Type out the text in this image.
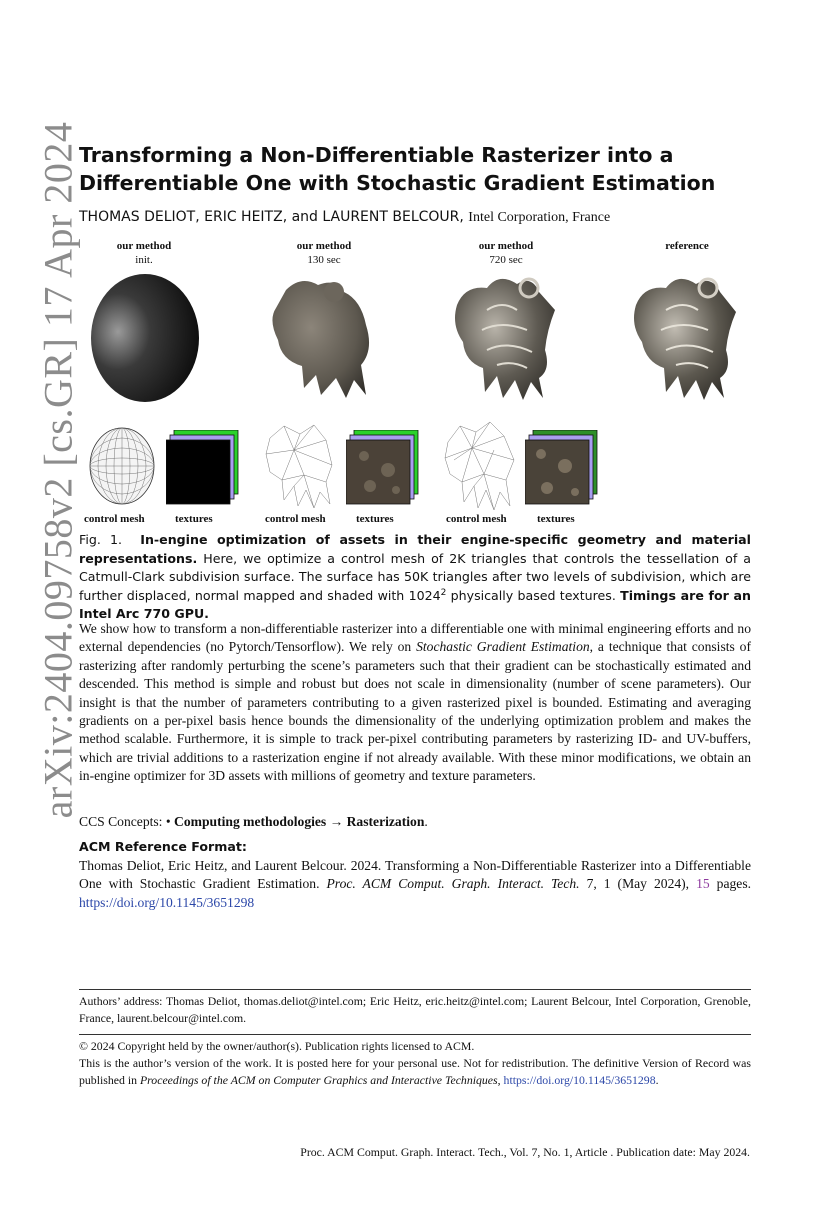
arXiv:2404.09758v2 [cs.GR] 17 Apr 2024
Transforming a Non-Differentiable Rasterizer into a
Differentiable One with Stochastic Gradient Estimation
THOMAS DELIOT, ERIC HEITZ, and LAURENT BELCOUR, Intel Corporation, France
our method
init.
our method
130 sec
our method
720 sec
reference
control mesh	textures	control mesh	textures	control mesh	textures
Fig. 1. In-engine optimization of assets in their engine-specific geometry and material representations. Here, we optimize a control mesh of 2K triangles that controls the tessellation of a Catmull-Clark subdivision surface. The surface has 50K triangles after two levels of subdivision, which are further displaced, normal mapped and shaded with 1024$^2$ physically based textures. Timings are for an Intel Arc 770 GPU.
We show how to transform a non-differentiable rasterizer into a differentiable one with minimal engineering efforts and no external dependencies (no Pytorch/Tensorflow). We rely on Stochastic Gradient Estimation, a technique that consists of rasterizing after randomly perturbing the scene’s parameters such that their gradient can be stochastically estimated and descended. This method is simple and robust but does not scale in dimensionality (number of scene parameters). Our insight is that the number of parameters contributing to a given rasterized pixel is bounded. Estimating and averaging gradients on a per-pixel basis hence bounds the dimensionality of the underlying optimization problem and makes the method scalable. Furthermore, it is simple to track per-pixel contributing parameters by rasterizing ID- and UV-buffers, which are trivial additions to a rasterization engine if not already available. With these minor modifications, we obtain an in-engine optimizer for 3D assets with millions of geometry and texture parameters.
CCS Concepts: • Computing methodologies → Rasterization.
ACM Reference Format:
Thomas Deliot, Eric Heitz, and Laurent Belcour. 2024. Transforming a Non-Differentiable Rasterizer into a Differentiable One with Stochastic Gradient Estimation. Proc. ACM Comput. Graph. Interact. Tech. 7, 1 (May 2024), 15 pages. https://doi.org/10.1145/3651298
Authors’ address: Thomas Deliot, thomas.deliot@intel.com; Eric Heitz, eric.heitz@intel.com; Laurent Belcour, Intel Corporation, Grenoble, France, laurent.belcour@intel.com.
© 2024 Copyright held by the owner/author(s). Publication rights licensed to ACM.
This is the author’s version of the work. It is posted here for your personal use. Not for redistribution. The definitive Version of Record was published in Proceedings of the ACM on Computer Graphics and Interactive Techniques, https://doi.org/10.1145/3651298.
Proc. ACM Comput. Graph. Interact. Tech., Vol. 7, No. 1, Article . Publication date: May 2024.
